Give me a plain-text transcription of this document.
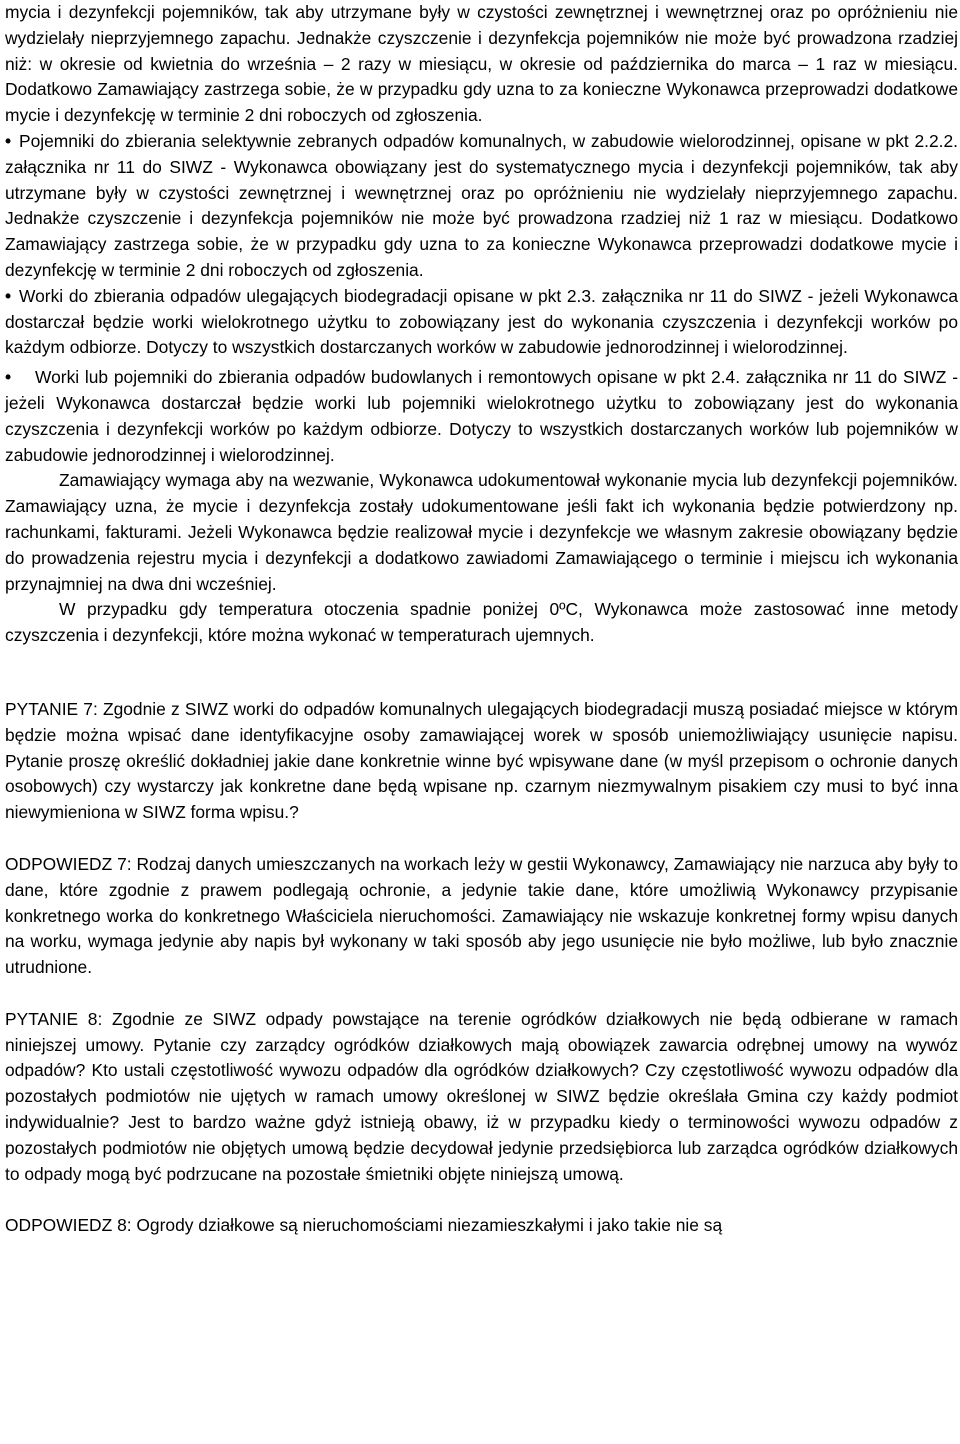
mycia i dezynfekcji pojemników, tak aby utrzymane były w czystości zewnętrznej i wewnętrznej oraz po opróżnieniu nie wydzielały nieprzyjemnego zapachu. Jednakże czyszczenie i dezynfekcja pojemników nie może być prowadzona rzadziej niż: w okresie od kwietnia do września – 2 razy w miesiącu, w okresie od października do marca – 1 raz w miesiącu. Dodatkowo Zamawiający zastrzega sobie, że w przypadku gdy uzna to za konieczne Wykonawca przeprowadzi dodatkowe mycie i dezynfekcję w terminie 2 dni roboczych od zgłoszenia.

• Pojemniki do zbierania selektywnie zebranych odpadów komunalnych, w zabudowie wielorodzinnej, opisane w pkt 2.2.2. załącznika nr 11 do SIWZ - Wykonawca obowiązany jest do systematycznego mycia i dezynfekcji pojemników, tak aby utrzymane były w czystości zewnętrznej i wewnętrznej oraz po opróżnieniu nie wydzielały nieprzyjemnego zapachu. Jednakże czyszczenie i dezynfekcja pojemników nie może być prowadzona rzadziej niż 1 raz w miesiącu. Dodatkowo Zamawiający zastrzega sobie, że w przypadku gdy uzna to za konieczne Wykonawca przeprowadzi dodatkowe mycie i dezynfekcję w terminie 2 dni roboczych od zgłoszenia.

• Worki do zbierania odpadów ulegających biodegradacji opisane w pkt 2.3. załącznika nr 11 do SIWZ - jeżeli Wykonawca dostarczał będzie worki wielokrotnego użytku to zobowiązany jest do wykonania czyszczenia i dezynfekcji worków po każdym odbiorze. Dotyczy to wszystkich dostarczanych worków w zabudowie jednorodzinnej i wielorodzinnej.

• Worki lub pojemniki do zbierania odpadów budowlanych i remontowych opisane w pkt 2.4. załącznika nr 11 do SIWZ - jeżeli Wykonawca dostarczał będzie worki lub pojemniki wielokrotnego użytku to zobowiązany jest do wykonania czyszczenia i dezynfekcji worków po każdym odbiorze. Dotyczy to wszystkich dostarczanych worków lub pojemników w zabudowie jednorodzinnej i wielorodzinnej.

Zamawiający wymaga aby na wezwanie, Wykonawca udokumentował wykonanie mycia lub dezynfekcji pojemników. Zamawiający uzna, że mycie i dezynfekcja zostały udokumentowane jeśli fakt ich wykonania będzie potwierdzony np. rachunkami, fakturami. Jeżeli Wykonawca będzie realizował mycie i dezynfekcje we własnym zakresie obowiązany będzie do prowadzenia rejestru mycia i dezynfekcji a dodatkowo zawiadomi Zamawiającego o terminie i miejscu ich wykonania przynajmniej na dwa dni wcześniej.

W przypadku gdy temperatura otoczenia spadnie poniżej 0ºC, Wykonawca może zastosować inne metody czyszczenia i dezynfekcji, które można wykonać w temperaturach ujemnych.

PYTANIE 7: Zgodnie z SIWZ worki do odpadów komunalnych ulegających biodegradacji muszą posiadać miejsce w którym będzie można wpisać dane identyfikacyjne osoby zamawiającej worek w sposób uniemożliwiający usunięcie napisu. Pytanie proszę określić dokładniej jakie dane konkretnie winne być wpisywane dane (w myśl przepisom o ochronie danych osobowych) czy wystarczy jak konkretne dane będą wpisane np. czarnym niezmywalnym pisakiem czy musi to być inna niewymieniona w SIWZ forma wpisu.?

ODPOWIEDZ 7: Rodzaj danych umieszczanych na workach leży w gestii Wykonawcy, Zamawiający nie narzuca aby były to dane, które zgodnie z prawem podlegają ochronie, a jedynie takie dane, które umożliwią Wykonawcy przypisanie konkretnego worka do konkretnego Właściciela nieruchomości. Zamawiający nie wskazuje konkretnej formy wpisu danych na worku, wymaga jedynie aby napis był wykonany w taki sposób aby jego usunięcie nie było możliwe, lub było znacznie utrudnione.

PYTANIE 8: Zgodnie ze SIWZ odpady powstające na terenie ogródków działkowych nie będą odbierane w ramach niniejszej umowy. Pytanie czy zarządcy ogródków działkowych mają obowiązek zawarcia odrębnej umowy na wywóz odpadów? Kto ustali częstotliwość wywozu odpadów dla ogródków działkowych? Czy częstotliwość wywozu odpadów dla pozostałych podmiotów nie ujętych w ramach umowy określonej w SIWZ będzie określała Gmina czy każdy podmiot indywidualnie? Jest to bardzo ważne gdyż istnieją obawy, iż w przypadku kiedy o terminowości wywozu odpadów z pozostałych podmiotów nie objętych umową będzie decydował jedynie przedsiębiorca lub zarządca ogródków działkowych to odpady mogą być podrzucane na pozostałe śmietniki objęte niniejszą umową.

ODPOWIEDZ 8: Ogrody działkowe są nieruchomościami niezamieszkałymi i jako takie nie są
